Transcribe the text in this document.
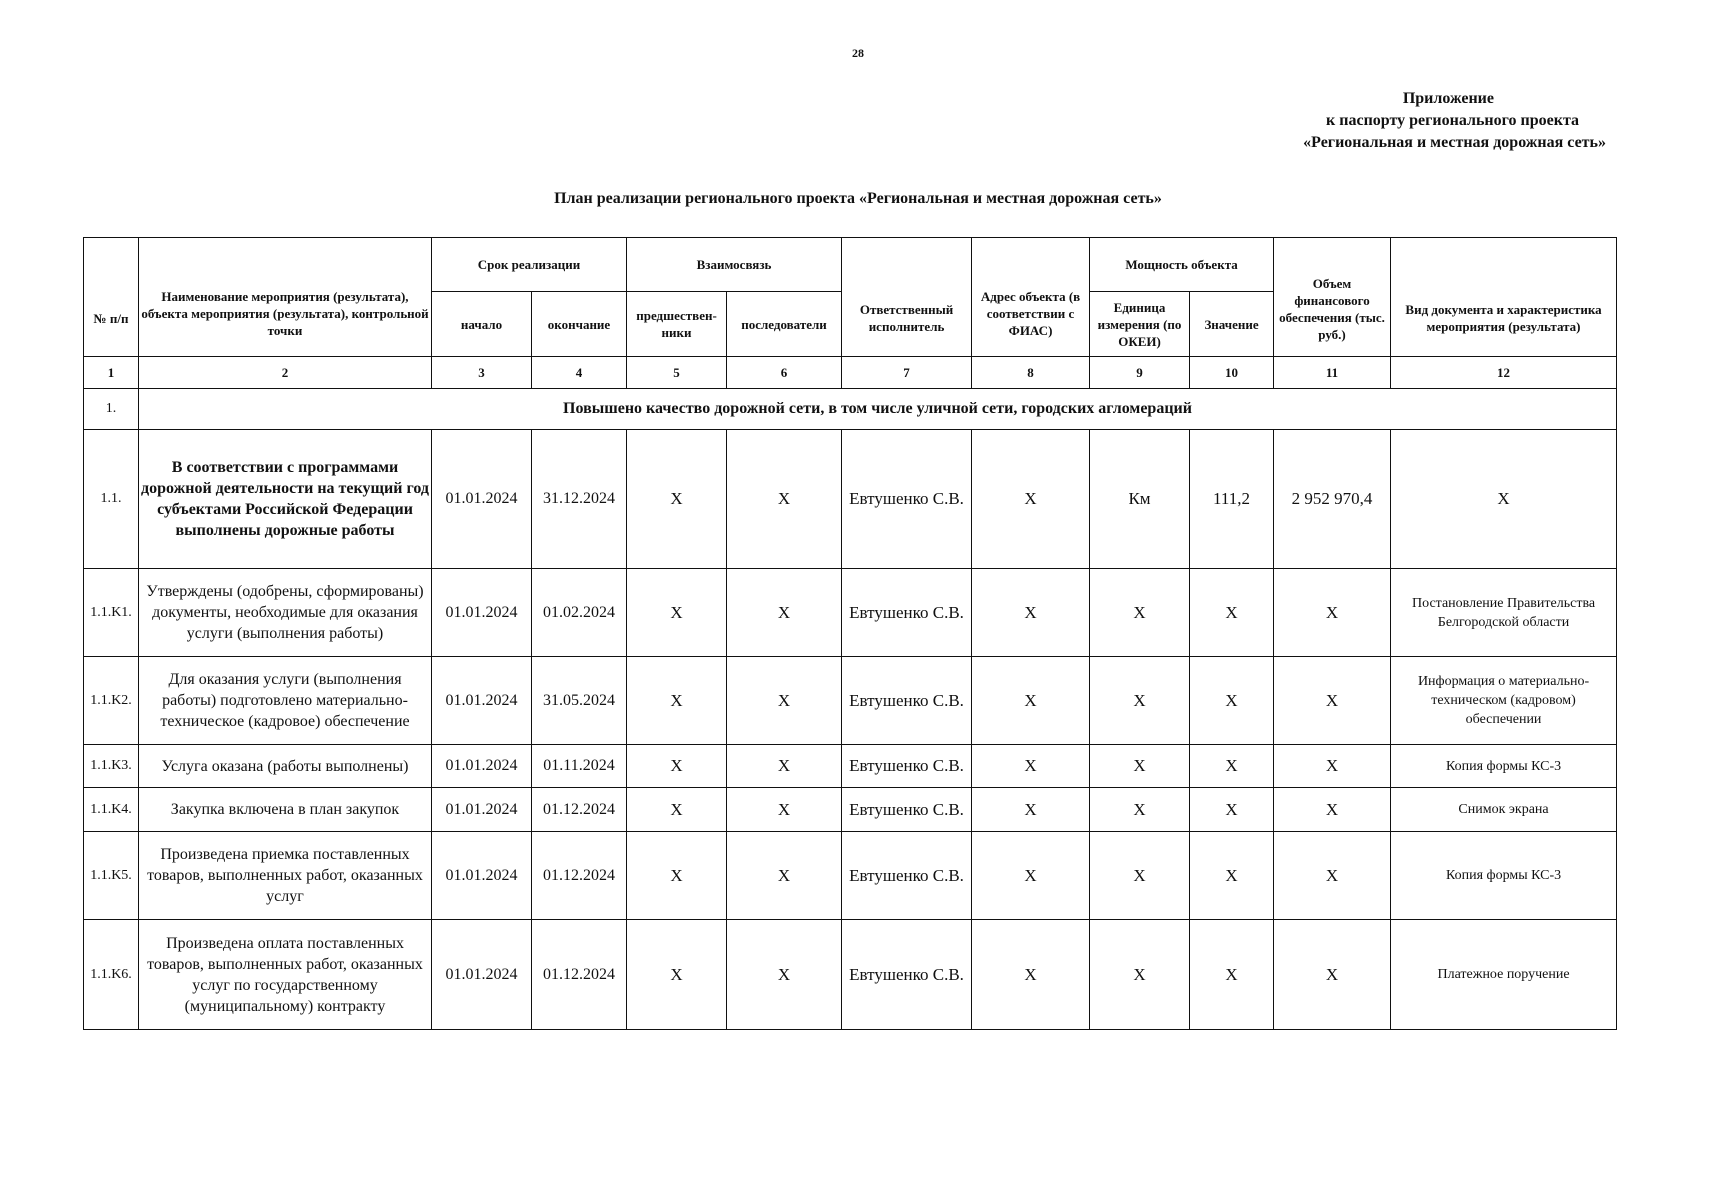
28
Приложение
к паспорту регионального проекта
«Региональная и местная дорожная сеть»
План реализации регионального проекта «Региональная и местная дорожная сеть»
№ п/п	Наименование мероприятия (результата), объекта мероприятия (результата), контрольной точки	Срок реализации		Взаимосвязь		Ответственный исполнитель	Адрес объекта (в соответствии с ФИАС)	Мощность объекта		Объем финансового обеспечения (тыс. руб.)	Вид документа и характеристика мероприятия (результата)
		начало	окончание	предшествен-ники	последователи			Единица измерения (по ОКЕИ)	Значение		
1	2	3	4	5	6	7	8	9	10	11	12
1.	Повышено качество дорожной сети, в том числе уличной сети, городских агломераций										
1.1.	В соответствии с программами дорожной деятельности на текущий год субъектами Российской Федерации выполнены дорожные работы	01.01.2024	31.12.2024	X	X	Евтушенко С.В.	X	Км	111,2	2 952 970,4	X
1.1.K1.	Утверждены (одобрены, сформированы) документы, необходимые для оказания услуги (выполнения работы)	01.01.2024	01.02.2024	X	X	Евтушенко С.В.	X	X	X	X	Постановление Правительства Белгородской области
1.1.K2.	Для оказания услуги (выполнения работы) подготовлено материально-техническое (кадровое) обеспечение	01.01.2024	31.05.2024	X	X	Евтушенко С.В.	X	X	X	X	Информация о материально-техническом (кадровом) обеспечении
1.1.K3.	Услуга оказана (работы выполнены)	01.01.2024	01.11.2024	X	X	Евтушенко С.В.	X	X	X	X	Копия формы КС-3
1.1.K4.	Закупка включена в план закупок	01.01.2024	01.12.2024	X	X	Евтушенко С.В.	X	X	X	X	Снимок экрана
1.1.K5.	Произведена приемка поставленных товаров, выполненных работ, оказанных услуг	01.01.2024	01.12.2024	X	X	Евтушенко С.В.	X	X	X	X	Копия формы КС-3
1.1.K6.	Произведена оплата поставленных товаров, выполненных работ, оказанных услуг по государственному (муниципальному) контракту	01.01.2024	01.12.2024	X	X	Евтушенко С.В.	X	X	X	X	Платежное поручение
